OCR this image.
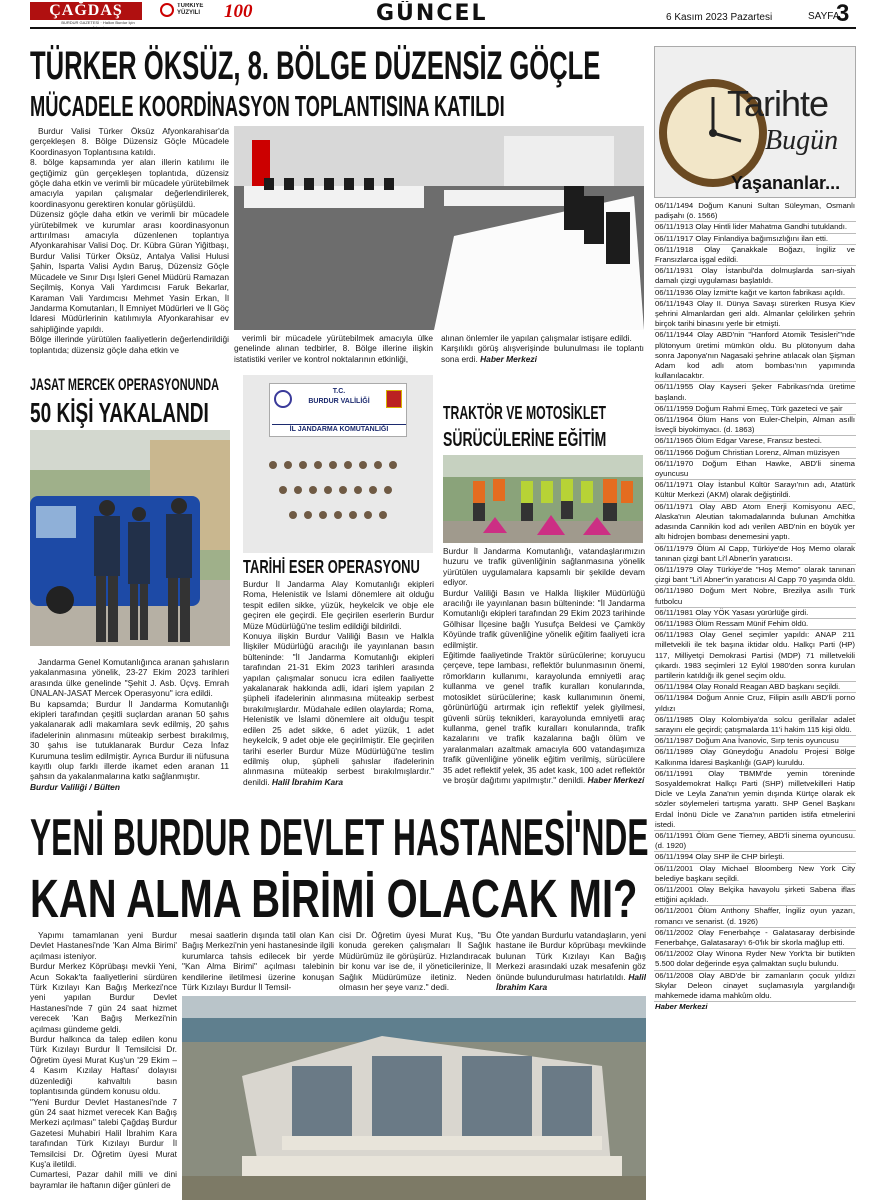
ÇAĞDAŞ
BURDUR GAZETESİ · Halkın Burdur İçin
TÜRKİYE YÜZYILI	100	GÜNCEL	6 Kasım 2023 Pazartesi	SAYFA
3
TÜRKER ÖKSÜZ, 8. BÖLGE DÜZENSİZ GÖÇLE
MÜCADELE KOORDİNASYON TOPLANTISINA KATILDI

Burdur Valisi Türker Öksüz Afyonkarahisar'da gerçekleşen 8. Bölge Düzensiz Göçle Mücadele Koordinasyon Toplantısına katıldı.
8. bölge kapsamında yer alan illerin katılımı ile geçtiğimiz gün gerçekleşen toplantıda, düzensiz göçle daha etkin ve verimli bir mücadele yürütebilmek amacıyla yapılan çalışmalar değerlendirilerek, koordinasyonu gerektiren konular görüşüldü.
Düzensiz göçle daha etkin ve verimli bir mücadele yürütebilmek ve kurumlar arası koordinasyonun arttırılması amacıyla düzenlenen toplantıya Afyonkarahisar Valisi Doç. Dr. Kübra Güran Yiğitbaşı, Burdur Valisi Türker Öksüz, Antalya Valisi Hulusi Şahin, Isparta Valisi Aydın Baruş, Düzensiz Göçle Mücadele ve Sınır Dışı İşleri Genel Müdürü Ramazan Seçilmiş, Konya Vali Yardımcısı Faruk Bekarlar, Karaman Vali Yardımcısı Mehmet Yasin Erkan, İl Jandarma Komutanları, İl Emniyet Müdürleri ve İl Göç İdaresi Müdürlerinin katılımıyla Afyonkarahisar ev sahipliğinde yapıldı.
Bölge illerinde yürütülen faaliyetlerin değerlendirildiği toplantıda; düzensiz göçle daha etkin ve

verimli bir mücadele yürütebilmek amacıyla ülke genelinde alınan tedbirler, 8. Bölge illerine ilişkin istatistiki veriler ve kontrol noktalarının etkinliği,

alınan önlemler ile yapılan çalışmalar istişare edildi.
Karşılıklı görüş alışverişinde bulunulması ile toplantı sona erdi. Haber Merkezi
JASAT MERCEK OPERASYONUNDA
50 KİŞİ YAKALANDI

Jandarma Genel Komutanlığınca aranan şahısların yakalanmasına yönelik, 23-27 Ekim 2023 tarihleri arasında ülke genelinde "Şehit J. Asb. Üçvş. Emrah ÜNALAN-JASAT Mercek Operasyonu" icra edildi.
Bu kapsamda; Burdur İl Jandarma Komutanlığı ekipleri tarafından çeşitli suçlardan aranan 50 şahıs yakalanarak adli makamlara sevk edilmiş, 20 şahıs ifadelerinin alınmasını müteakip serbest bırakılmış, 30 şahıs ise tutuklanarak Burdur Ceza İnfaz Kurumuna teslim edilmiştir. Ayrıca Burdur ili nüfusuna kayıtlı olup farklı illerde ikamet eden aranan 11 şahsın da yakalanmalarına katkı sağlanmıştır.

Burdur Valiliği / Bülten

T.C.
BURDUR VALİLİĞİ
İL JANDARMA KOMUTANLIĞI
TARİHİ ESER OPERASYONU

Burdur İl Jandarma Alay Komutanlığı ekipleri Roma, Helenistik ve İslami dönemlere ait olduğu tespit edilen sikke, yüzük, heykelcik ve obje ele geçiren ele geçirdi. Ele geçirilen eserlerin Burdur Müze Müdürlüğü'ne teslim edildiği bildirildi.
Konuya ilişkin Burdur Valiliği Basın ve Halkla İlişkiler Müdürlüğü aracılığı ile yayınlanan basın bülteninde: "İl Jandarma Komutanlığı ekipleri tarafından 21-31 Ekim 2023 tarihleri arasında yapılan çalışmalar sonucu icra edilen faaliyette yakalanarak hakkında adli, idari işlem yapılan 2 şüpheli ifadelerinin alınmasına müteakip serbest bırakılmışlardır. Müdahale edilen olaylarda; Roma, Helenistik ve İslami dönemlere ait olduğu tespit edilen 25 adet sikke, 6 adet yüzük, 1 adet heykelcik, 9 adet obje ele geçirilmiştir. Ele geçirilen tarihi eserler Burdur Müze Müdürlüğü'ne teslim edilmiş olup, şüpheli şahıslar ifadelerinin alınmasına müteakip serbest bırakılmışlardır." denildi. Halil İbrahim Kara
TRAKTÖR VE MOTOSİKLET
SÜRÜCÜLERİNE EĞİTİM

Burdur İl Jandarma Komutanlığı, vatandaşlarımızın huzuru ve trafik güvenliğinin sağlanmasına yönelik yürütülen uygulamalara kapsamlı bir şekilde devam ediyor.
Burdur Valiliği Basın ve Halkla İlişkiler Müdürlüğü aracılığı ile yayınlanan basın bülteninde: "İl Jandarma Komutanlığı ekipleri tarafından 29 Ekim 2023 tarihinde Gölhisar İlçesine bağlı Yusufça Beldesi ve Çamköy Köyünde trafik güvenliğine yönelik eğitim faaliyeti icra edilmiştir.
Eğitimde faaliyetinde Traktör sürücülerine; koruyucu çerçeve, tepe lambası, reflektör bulunmasının önemi, römorkların kullanımı, karayolunda emniyetli araç kullanma ve genel trafik kuralları konularında, motosiklet sürücülerine; kask kullanımının önemi, görünürlüğü artırmak için reflektif yelek giyilmesi, güvenli sürüş teknikleri, karayolunda emniyetli araç kullanma, genel trafik kuralları konularında, trafik kazalarını ve trafik kazalarına bağlı ölüm ve yaralanmaları azaltmak amacıyla 600 vatandaşımıza trafik güvenliğine yönelik eğitim verilmiş, sürücülere 35 adet reflektif yelek, 35 adet kask, 100 adet reflektör ve broşür dağıtımı yapılmıştır." denildi. Haber Merkezi
YENİ BURDUR DEVLET HASTANESİ'NDE
KAN ALMA BİRİMİ OLACAK MI?

Yapımı tamamlanan yeni Burdur Devlet Hastanesi'nde 'Kan Alma Birimi' açılması isteniyor.
Burdur Merkez Köprübaşı mevkii Yeni, Acun Sokak'ta faaliyetlerini sürdüren Türk Kızılayı Kan Bağış Merkezi'nce yeni yapılan Burdur Devlet Hastanesi'nde 7 gün 24 saat hizmet verecek 'Kan Bağış Merkezi'nin açılması gündeme geldi.
Burdur halkınca da talep edilen konu Türk Kızılayı Burdur İl Temsilcisi Dr. Öğretim üyesi Murat Kuş'un '29 Ekim – 4 Kasım Kızılay Haftası' dolayısı düzenlediği kahvaltılı basın toplantısında gündem konusu oldu.
"Yeni Burdur Devlet Hastanesi'nde 7 gün 24 saat hizmet verecek Kan Bağış Merkezi açılması" talebi Çağdaş Burdur Gazetesi Muhabiri Halil İbrahim Kara tarafından Türk Kızılayı Burdur İl Temsilcisi Dr. Öğretim üyesi Murat Kuş'a iletildi.
Cumartesi, Pazar dahil milli ve dini bayramlar ile haftanın diğer günleri de

mesai saatlerin dışında tatil olan Kan Bağış Merkezi'nin yeni hastanesinde ilgili kurumlarca tahsis edilecek bir yerde "Kan Alma Birimi" açılması talebinin kendilerine iletilmesi üzerine konuşan Türk Kızılayı Burdur İl Temsil-

cisi Dr. Öğretim üyesi Murat Kuş, "Bu konuda gereken çalışmaları İl Sağlık Müdürümüz ile görüşürüz. Hızlandıracak bir konu var ise de, il yöneticilerinize, İl Sağlık Müdürümüze iletiniz. Neden olmasın her şeye varız." dedi.

Öte yandan Burdurlu vatandaşların, yeni hastane ile Burdur köprübaşı mevkiinde bulunan Türk Kızılayı Kan Bağış Merkezi arasındaki uzak mesafenin göz önünde bulundurulması hatırlatıldı. Halil İbrahim Kara
Tarihte
Bugün
Yaşananlar...
06/11/1494 Doğum Kanuni Sultan Süleyman, Osmanlı padişahı (ö. 1566)
06/11/1913 Olay Hintli lider Mahatma Gandhi tutuklandı.
06/11/1917 Olay Finlandiya bağımsızlığını ilan etti.
06/11/1918 Olay Çanakkale Boğazı, İngiliz ve Fransızlarca işgal edildi.
06/11/1931 Olay İstanbul'da dolmuşlarda sarı-siyah damalı çizgi uygulaması başlatıldı.
06/11/1936 Olay İzmit'te kağıt ve karton fabrikası açıldı.
06/11/1943 Olay II. Dünya Savaşı sürerken Rusya Kiev şehrini Almanlardan geri aldı. Almanlar çekilirken şehrin birçok tarihi binasını yerle bir etmişti.
06/11/1944 Olay ABD'nin "Hanford Atomik Tesisleri"'nde plütonyum üretimi mümkün oldu. Bu plütonyum daha sonra Japonya'nın Nagasaki şehrine atılacak olan Şişman Adam kod adlı atom bombası'nın yapımında kullanılacaktır.
06/11/1955 Olay Kayseri Şeker Fabrikası'nda üretime başlandı.
06/11/1959 Doğum Rahmi Emeç, Türk gazeteci ve şair
06/11/1964 Ölüm Hans von Euler-Chelpin, Alman asıllı İsveçli biyokimyacı. (d. 1863)
06/11/1965 Ölüm Edgar Varese, Fransız besteci.
06/11/1966 Doğum Christian Lorenz, Alman müzisyen
06/11/1970 Doğum Ethan Hawke, ABD'li sinema oyuncusu
06/11/1971 Olay İstanbul Kültür Sarayı'nın adı, Atatürk Kültür Merkezi (AKM) olarak değiştirildi.
06/11/1971 Olay ABD Atom Enerji Komisyonu AEC, Alaska'nın Aleutian takımadalarında bulunan Amchitka adasında Cannikin kod adı verilen ABD'nin en büyük yer altı hidrojen bombası denemesini yaptı.
06/11/1979 Ölüm Al Capp, Türkiye'de Hoş Memo olarak tanınan çizgi bant Li'l Abner'in yaratıcısı.
06/11/1979 Olay Türkiye'de "Hoş Memo" olarak tanınan çizgi bant "Li'l Abner"in yaratıcısı Al Capp 70 yaşında öldü.
06/11/1980 Doğum Mert Nobre, Brezilya asıllı Türk futbolcu
06/11/1981 Olay YÖK Yasası yürürlüğe girdi.
06/11/1983 Ölüm Ressam Münif Fehim öldü.
06/11/1983 Olay Genel seçimler yapıldı: ANAP 211 milletvekili ile tek başına iktidar oldu. Halkçı Parti (HP) 117, Milliyetçi Demokrasi Partisi (MDP) 71 milletvekili çıkardı. 1983 seçimleri 12 Eylül 1980'den sonra kurulan partilerin katıldığı ilk genel seçim oldu.
06/11/1984 Olay Ronald Reagan ABD başkanı seçildi.
06/11/1984 Doğum Annie Cruz, Filipin asıllı ABD'li porno yıldızı
06/11/1985 Olay Kolombiya'da solcu gerillalar adalet sarayını ele geçirdi; çatışmalarda 11'i hakim 115 kişi öldü.
06/11/1987 Doğum Ana İvanovic, Sırp tenis oyuncusu
06/11/1989 Olay Güneydoğu Anadolu Projesi Bölge Kalkınma İdaresi Başkanlığı (GAP) kuruldu.
06/11/1991 Olay TBMM'de yemin töreninde Sosyaldemokrat Halkçı Parti (SHP) milletvekilleri Hatip Dicle ve Leyla Zana'nın yemin dışında Kürtçe olarak ek sözler söylemeleri tartışma yarattı. SHP Genel Başkanı Erdal İnönü Dicle ve Zana'nın partiden istifa etmelerini istedi.
06/11/1991 Ölüm Gene Tierney, ABD'li sinema oyuncusu. (d. 1920)
06/11/1994 Olay SHP ile CHP birleşti.
06/11/2001 Olay Michael Bloomberg New York City belediye başkanı seçildi.
06/11/2001 Olay Belçika havayolu şirketi Sabena iflas ettiğini açıkladı.
06/11/2001 Ölüm Anthony Shaffer, İngiliz oyun yazarı, romancı ve senarist. (d. 1926)
06/11/2002 Olay Fenerbahçe - Galatasaray derbisinde Fenerbahçe, Galatasaray'ı 6-0'lık bir skorla mağlup etti.
06/11/2002 Olay Winona Ryder New York'ta bir butikten 5.500 dolar değerinde eşya çalmaktan suçlu bulundu.
06/11/2008 Olay ABD'de bir zamanların çocuk yıldızı Skylar Deleon cinayet suçlamasıyla yargılandığı mahkemede idama mahkûm oldu.
Haber Merkezi
